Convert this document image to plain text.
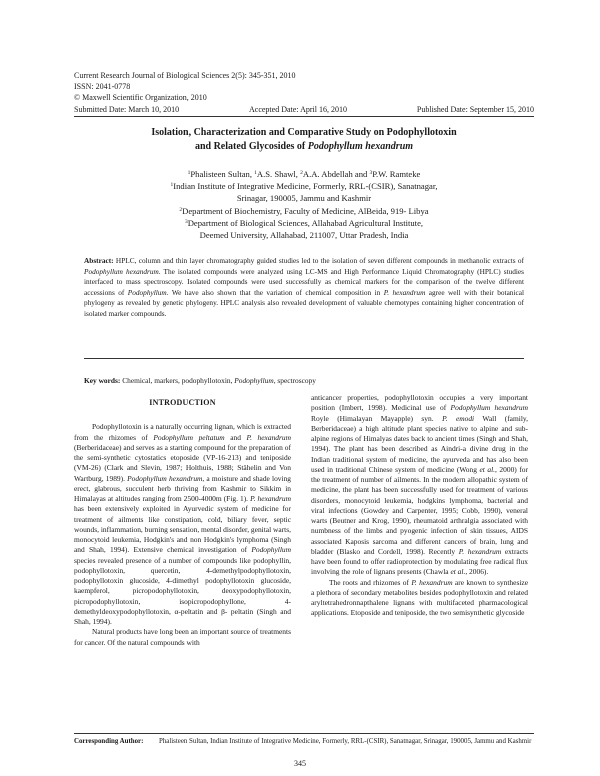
Current Research Journal of Biological Sciences 2(5): 345-351, 2010
ISSN: 2041-0778
© Maxwell Scientific Organization, 2010
Submitted Date: March 10, 2010	Accepted Date: April 16, 2010	Published Date: September 15, 2010
Isolation, Characterization and Comparative Study on Podophyllotoxin
and Related Glycosides of Podophyllum hexandrum
$^1$Phalisteen Sultan, $^1$A.S. Shawl, $^2$A.A. Abdellah and $^3$P.W. Ramteke
$^1$Indian Institute of Integrative Medicine, Formerly, RRL-(CSIR), Sanatnagar,
Srinagar, 190005, Jammu and Kashmir
$^2$Department of Biochemistry, Faculty of Medicine, AlBeida, 919- Libya
$^3$Department of Biological Sciences, Allahabad Agricultural Institute,
Deemed University, Allahabad, 211007, Uttar Pradesh, India
Abstract: HPLC, column and thin layer chromatography guided studies led to the isolation of seven different compounds in methanolic extracts of Podophyllum hexandrum. The isolated compounds were analyzed using LC-MS and High Performance Liquid Chromatography (HPLC) studies interfaced to mass spectroscopy. Isolated compounds were used successfully as chemical markers for the comparison of the twelve different accessions of Podophyllum. We have also shown that the variation of chemical composition in P. hexandrum agree well with their botanical phylogeny as revealed by genetic phylogeny. HPLC analysis also revealed development of valuable chemotypes containing higher concentration of isolated marker compounds.
Key words: Chemical, markers, podophyllotoxin, Podophyllum, spectroscopy
INTRODUCTION

Podophyllotoxin is a naturally occurring lignan, which is extracted from the rhizomes of Podophyllum peltatum and P. hexandrum (Berberidaceae) and serves as a starting compound for the preparation of the semi-synthetic cytostatics etoposide (VP-16-213) and teniposide (VM-26) (Clark and Slevin, 1987; Holthuis, 1988; Stähelin and Von Wartburg, 1989). Podophyllum hexandrum, a moisture and shade loving erect, glabrous, succulent herb thriving from Kashmir to Sikkim in Himalayas at altitudes ranging from 2500-4000m (Fig. 1). P. hexandrum has been extensively exploited in Ayurvedic system of medicine for treatment of ailments like constipation, cold, biliary fever, septic wounds, inflammation, burning sensation, mental disorder, genital warts, monocytoid leukemia, Hodgkin's and non Hodgkin's lymphoma (Singh and Shah, 1994). Extensive chemical investigation of Podophyllum species revealed presence of a number of compounds like podophyllin, podophyllotoxin, quercetin, 4-demethylpodophyllotoxin, podophyllotoxin glucoside, 4-dimethyl podophyllotoxin glucoside, kaempferol, picropodophyllotoxin, deoxypodophyllotoxin, picropodophyllotoxin, isopicropodophyllone, 4-demethyldeoxypodophyllotoxin, α-peltatin and β- peltatin (Singh and Shah, 1994).

Natural products have long been an important source of treatments for cancer. Of the natural compounds with

anticancer properties, podophyllotoxin occupies a very important position (Imbert, 1998). Medicinal use of Podophyllum hexandrum Royle (Himalayan Mayapple) syn. P. emodi Wall (family, Berberidaceae) a high altitude plant species native to alpine and sub-alpine regions of Himalyas dates back to ancient times (Singh and Shah, 1994). The plant has been described as Aindri-a divine drug in the Indian traditional system of medicine, the ayurveda and has also been used in traditional Chinese system of medicine (Wong et al., 2000) for the treatment of number of ailments. In the modern allopathic system of medicine, the plant has been successfully used for treatment of various disorders, monocytoid leukemia, hodgkins lymphoma, bacterial and viral infections (Gowdey and Carpenter, 1995; Cobb, 1990), veneral warts (Beutner and Krog, 1990), rheumatoid arthralgia associated with numbness of the limbs and pyogenic infection of skin tissues, AIDS associated Kaposis sarcoma and different cancers of brain, lung and bladder (Blasko and Cordell, 1998). Recently P. hexandrum extracts have been found to offer radioprotection by modulating free radical flux involving the role of lignans presents (Chawla et al., 2006).

The roots and rhizomes of P. hexandrum are known to synthesize a plethora of secondary metabolites besides podophyllotoxin and related aryltetrahedronnapthalene lignans with multifaceted pharmacological applications. Etoposide and teniposide, the two semisynthetic glycoside

Corresponding Author: Phalisteen Sultan, Indian Institute of Integrative Medicine, Formerly, RRL-(CSIR), Sanatnagar, Srinagar, 190005, Jammu and Kashmir
345
